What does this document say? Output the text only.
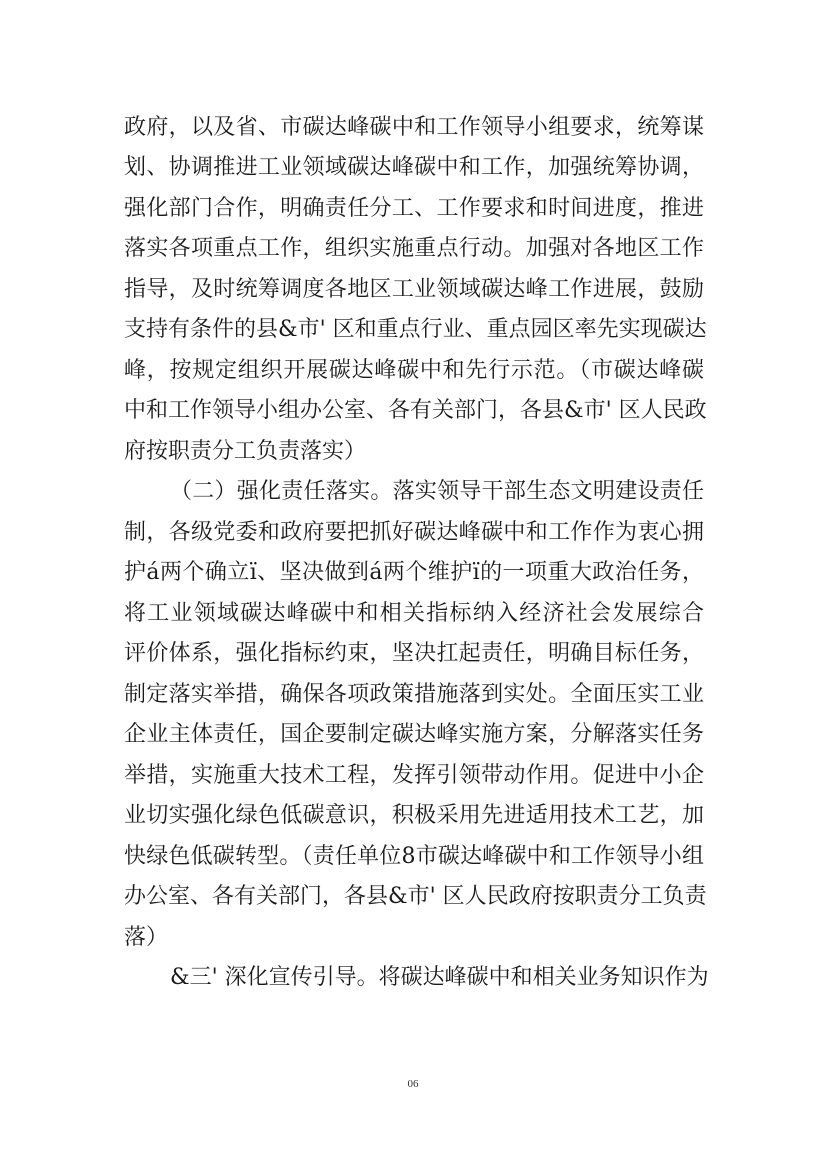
政府，以及省、市碳达峰碳中和工作领导小组要求，统筹谋
划、协调推进工业领域碳达峰碳中和工作，加强统筹协调，
强化部门合作，明确责任分工、工作要求和时间进度，推进
落实各项重点工作，组织实施重点行动。加强对各地区工作
指导，及时统筹调度各地区工业领域碳达峰工作进展，鼓励
支持有条件的县&市' 区和重点行业、重点园区率先实现碳达
峰，按规定组织开展碳达峰碳中和先行示范。（市碳达峰碳
中和工作领导小组办公室、各有关部门，各县&市' 区人民政
府按职责分工负责落实）
（二）强化责任落实。落实领导干部生态文明建设责任
制，各级党委和政府要把抓好碳达峰碳中和工作作为衷心拥
护á两个确立ï、坚决做到á两个维护ï的一项重大政治任务，
将工业领域碳达峰碳中和相关指标纳入经济社会发展综合
评价体系，强化指标约束，坚决扛起责任，明确目标任务，
制定落实举措，确保各项政策措施落到实处。全面压实工业
企业主体责任，国企要制定碳达峰实施方案，分解落实任务
举措，实施重大技术工程，发挥引领带动作用。促进中小企
业切实强化绿色低碳意识，积极采用先进适用技术工艺，加
快绿色低碳转型。（责任单位8市碳达峰碳中和工作领导小组
办公室、各有关部门，各县&市' 区人民政府按职责分工负责
落）
&三' 深化宣传引导。将碳达峰碳中和相关业务知识作为
06
